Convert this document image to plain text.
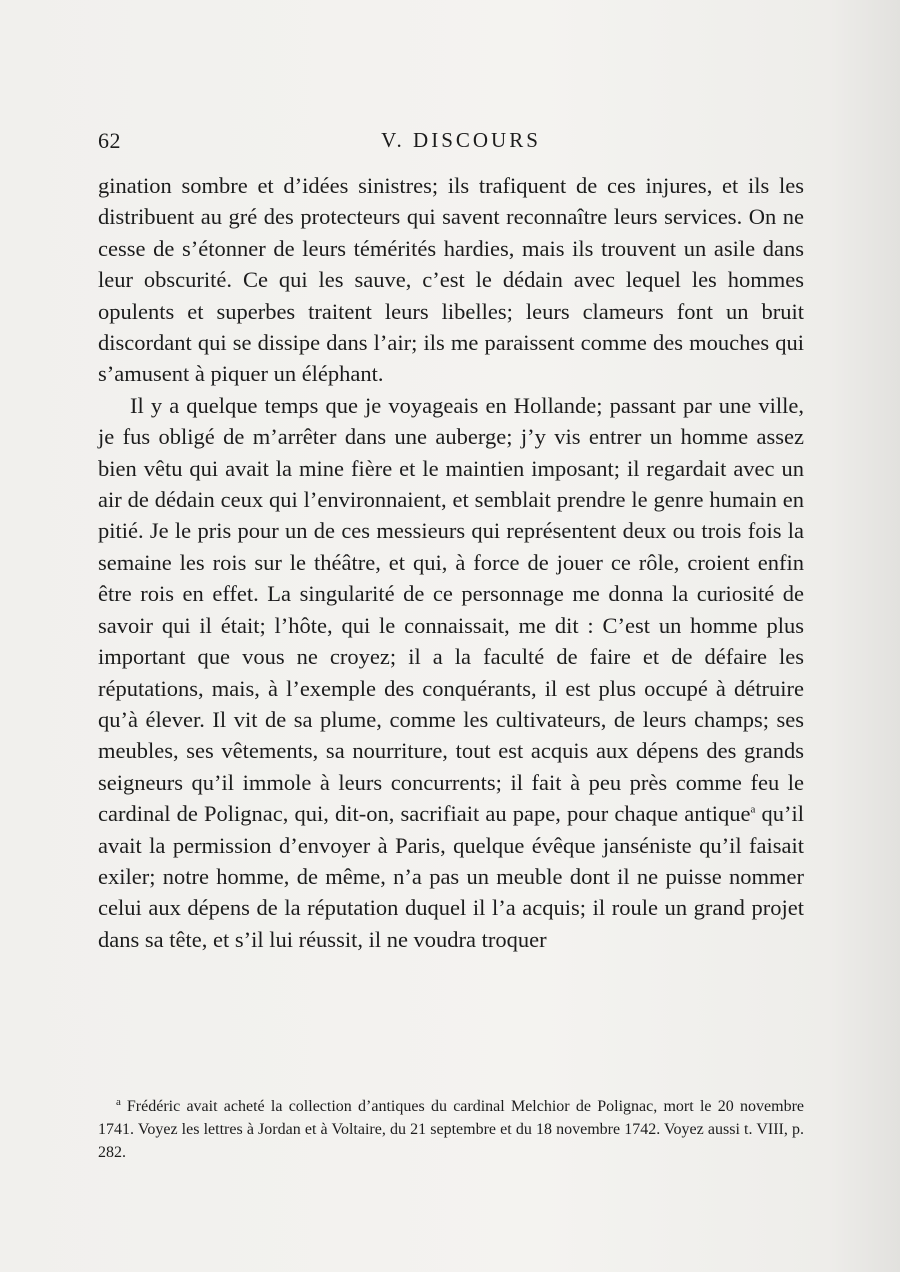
62	V. DISCOURS

gination sombre et d’idées sinistres; ils trafiquent de ces injures, et ils les distribuent au gré des protecteurs qui savent reconnaître leurs services. On ne cesse de s’étonner de leurs témérités hardies, mais ils trouvent un asile dans leur obscurité. Ce qui les sauve, c’est le dédain avec lequel les hommes opulents et superbes traitent leurs libelles; leurs clameurs font un bruit discordant qui se dissipe dans l’air; ils me paraissent comme des mouches qui s’amusent à piquer un éléphant.

Il y a quelque temps que je voyageais en Hollande; passant par une ville, je fus obligé de m’arrêter dans une auberge; j’y vis entrer un homme assez bien vêtu qui avait la mine fière et le maintien imposant; il regardait avec un air de dédain ceux qui l’environnaient, et semblait prendre le genre humain en pitié. Je le pris pour un de ces messieurs qui représentent deux ou trois fois la semaine les rois sur le théâtre, et qui, à force de jouer ce rôle, croient enfin être rois en effet. La singularité de ce personnage me donna la curiosité de savoir qui il était; l’hôte, qui le connaissait, me dit : C’est un homme plus important que vous ne croyez; il a la faculté de faire et de défaire les réputations, mais, à l’exemple des conquérants, il est plus occupé à détruire qu’à élever. Il vit de sa plume, comme les cultivateurs, de leurs champs; ses meubles, ses vêtements, sa nourriture, tout est acquis aux dépens des grands seigneurs qu’il immole à leurs concurrents; il fait à peu près comme feu le cardinal de Polignac, qui, dit-on, sacrifiait au pape, pour chaque antique$^a$ qu’il avait la permission d’envoyer à Paris, quelque évêque janséniste qu’il faisait exiler; notre homme, de même, n’a pas un meuble dont il ne puisse nommer celui aux dépens de la réputation duquel il l’a acquis; il roule un grand projet dans sa tête, et s’il lui réussit, il ne voudra troquer

$^a$ Frédéric avait acheté la collection d’antiques du cardinal Melchior de Polignac, mort le 20 novembre 1741. Voyez les lettres à Jordan et à Voltaire, du 21 septembre et du 18 novembre 1742. Voyez aussi t. VIII, p. 282.
